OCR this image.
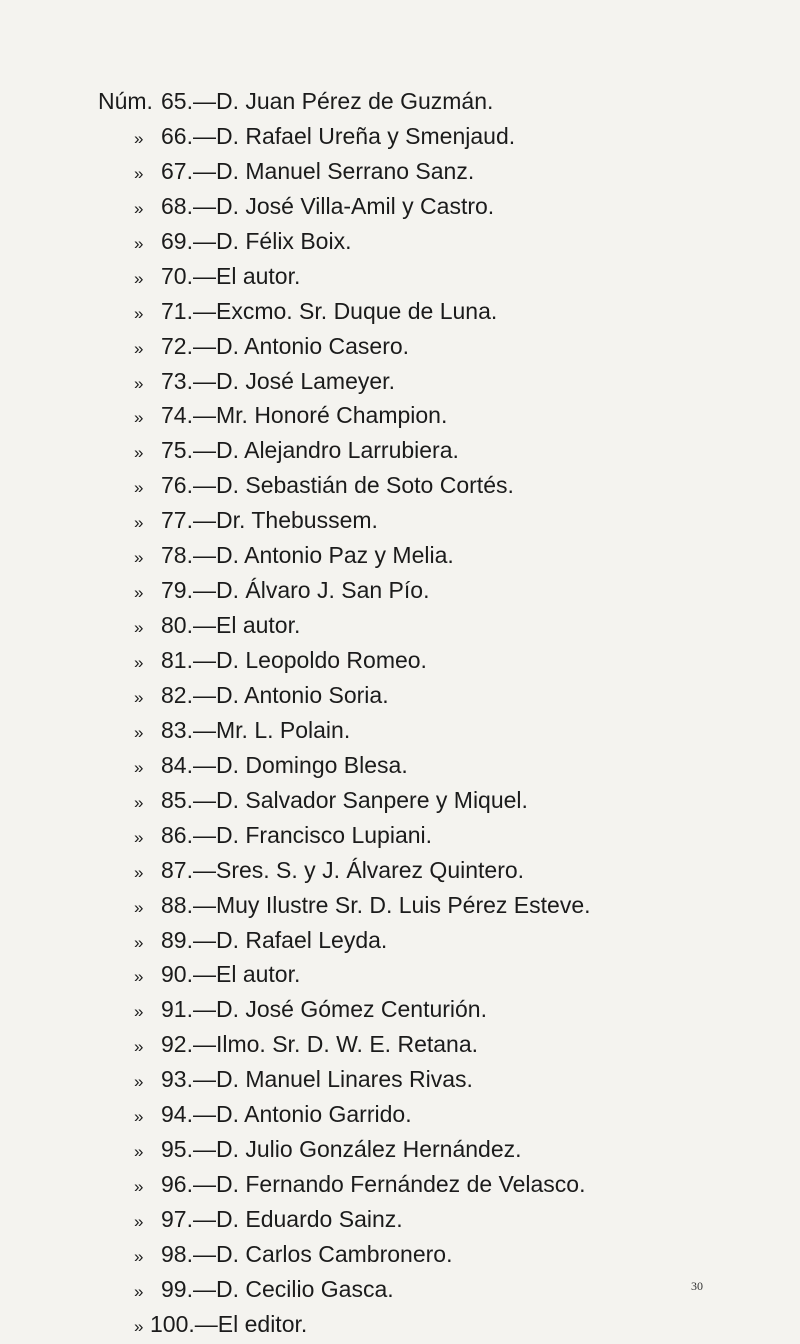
Núm. 65 .— D. Juan Pérez de Guzmán.
» 66 .— D. Rafael Ureña y Smenjaud.
» 67 .— D. Manuel Serrano Sanz.
» 68 .— D. José Villa-Amil y Castro.
» 69 .— D. Félix Boix.
» 70 .— El autor.
» 71 .— Excmo. Sr. Duque de Luna.
» 72 .— D. Antonio Casero.
» 73 .— D. José Lameyer.
» 74 .— Mr. Honoré Champion.
» 75 .— D. Alejandro Larrubiera.
» 76 .— D. Sebastián de Soto Cortés.
» 77 .— Dr. Thebussem.
» 78 .— D. Antonio Paz y Melia.
» 79 .— D. Álvaro J. San Pío.
» 80 .— El autor.
» 81 .— D. Leopoldo Romeo.
» 82 .— D. Antonio Soria.
» 83 .— Mr. L. Polain.
» 84 .— D. Domingo Blesa.
» 85 .— D. Salvador Sanpere y Miquel.
» 86 .— D. Francisco Lupiani.
» 87 .— Sres. S. y J. Álvarez Quintero.
» 88 .— Muy Ilustre Sr. D. Luis Pérez Esteve.
» 89 .— D. Rafael Leyda.
» 90 .— El autor.
» 91 .— D. José Gómez Centurión.
» 92 .— Ilmo. Sr. D. W. E. Retana.
» 93 .— D. Manuel Linares Rivas.
» 94 .— D. Antonio Garrido.
» 95 .— D. Julio González Hernández.
» 96 .— D. Fernando Fernández de Velasco.
» 97 .— D. Eduardo Sainz.
» 98 .— D. Carlos Cambronero.
» 99 .— D. Cecilio Gasca.
» 100 .— El editor.
30
